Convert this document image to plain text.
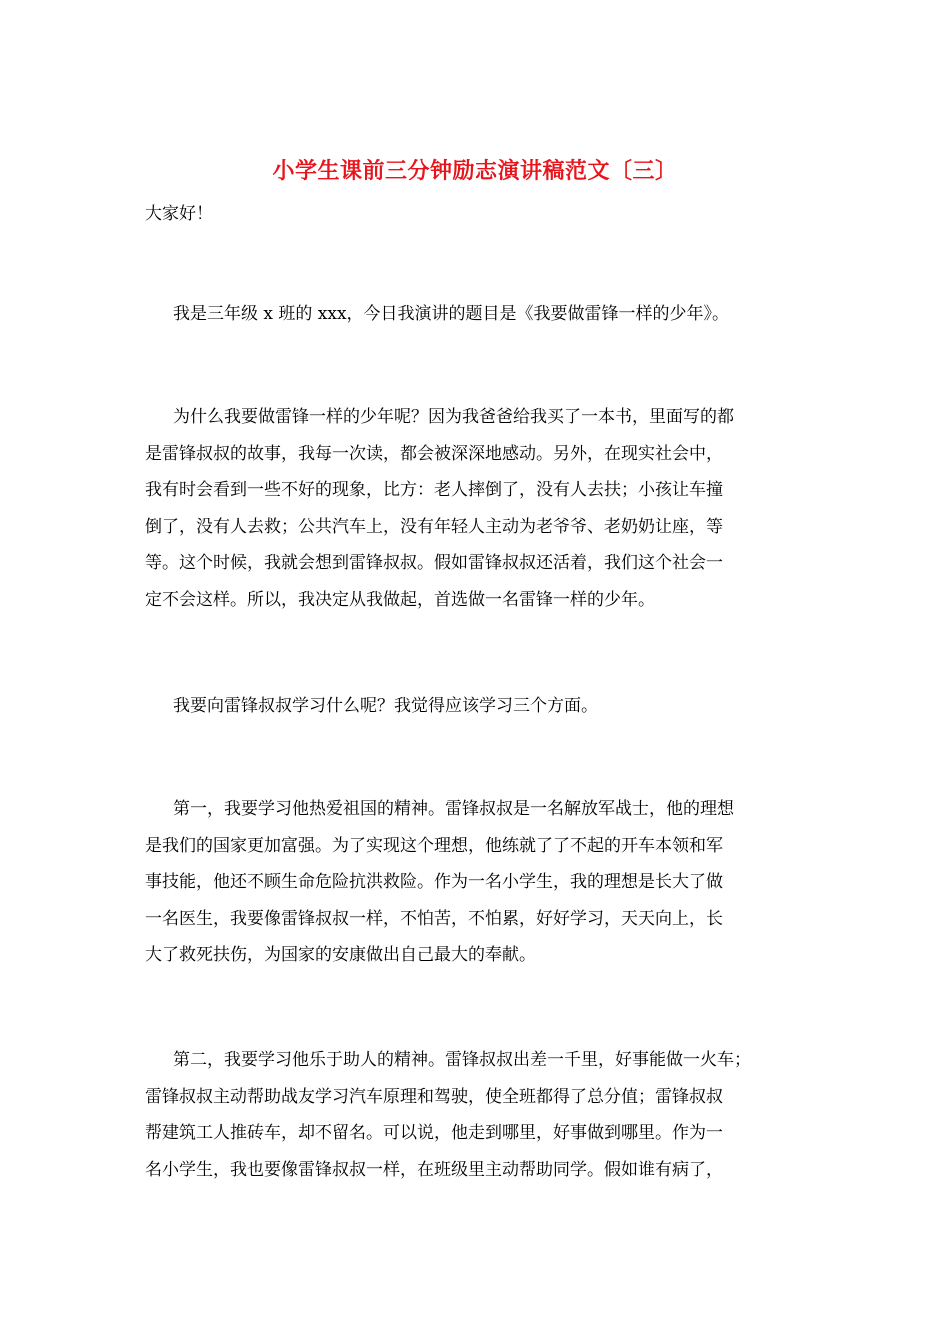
小学生课前三分钟励志演讲稿范文〔三〕
大家好！
我是三年级 x 班的 xxx，今日我演讲的题目是《我要做雷锋一样的少年》。
为什么我要做雷锋一样的少年呢？因为我爸爸给我买了一本书，里面写的都
是雷锋叔叔的故事，我每一次读，都会被深深地感动。另外，在现实社会中，
我有时会看到一些不好的现象，比方：老人摔倒了，没有人去扶；小孩让车撞
倒了，没有人去救；公共汽车上，没有年轻人主动为老爷爷、老奶奶让座，等
等。这个时候，我就会想到雷锋叔叔。假如雷锋叔叔还活着，我们这个社会一
定不会这样。所以，我决定从我做起，首选做一名雷锋一样的少年。
我要向雷锋叔叔学习什么呢？我觉得应该学习三个方面。
第一，我要学习他热爱祖国的精神。雷锋叔叔是一名解放军战士，他的理想
是我们的国家更加富强。为了实现这个理想，他练就了了不起的开车本领和军
事技能，他还不顾生命危险抗洪救险。作为一名小学生，我的理想是长大了做
一名医生，我要像雷锋叔叔一样，不怕苦，不怕累，好好学习，天天向上，长
大了救死扶伤，为国家的安康做出自己最大的奉献。
第二，我要学习他乐于助人的精神。雷锋叔叔出差一千里，好事能做一火车；
雷锋叔叔主动帮助战友学习汽车原理和驾驶，使全班都得了总分值；雷锋叔叔
帮建筑工人推砖车，却不留名。可以说，他走到哪里，好事做到哪里。作为一
名小学生，我也要像雷锋叔叔一样，在班级里主动帮助同学。假如谁有病了，
